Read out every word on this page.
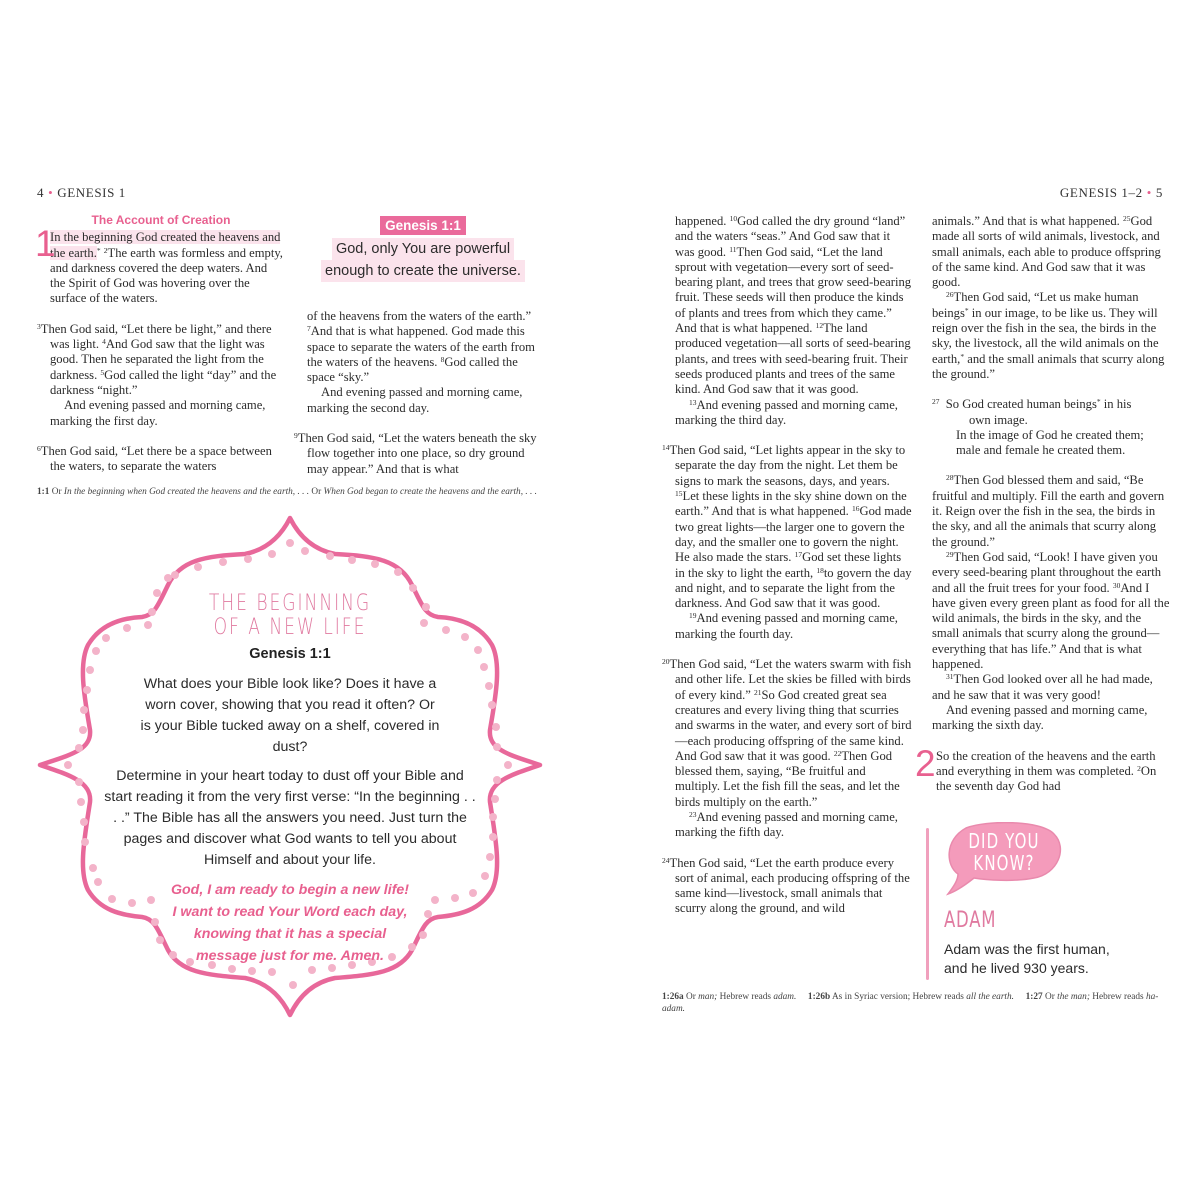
4 • GENESIS 1
The Account of Creation
1

In the beginning God created the heavens and the earth.* $^2$The earth was formless and empty, and darkness covered the deep waters. And the Spirit of God was hovering over the surface of the waters.

$^3$Then God said, “Let there be light,” and there was light. $^4$And God saw that the light was good. Then he separated the light from the darkness. $^5$God called the light “day” and the darkness “night.”

And evening passed and morning came, marking the first day.

$^6$Then God said, “Let there be a space between the waters, to separate the waters

Genesis 1:1
God, only You are powerful
enough to create the universe.

of the heavens from the waters of the earth.” $^7$And that is what happened. God made this space to separate the waters of the earth from the waters of the heavens. $^8$God called the space “sky.”

And evening passed and morning came, marking the second day.

$^9$Then God said, “Let the waters beneath the sky flow together into one place, so dry ground may appear.” And that is what

1:1 Or In the beginning when God created the heavens and the earth, . . . Or When God began to create the heavens and the earth, . . .
THE BEGINNING
OF A NEW LIFE
Genesis 1:1
What does your Bible look like? Does it have a worn cover, showing that you read it often? Or is your Bible tucked away on a shelf, covered in dust?
Determine in your heart today to dust off your Bible and start reading it from the very first verse: “In the beginning . . . .” The Bible has all the answers you need. Just turn the pages and discover what God wants to tell you about Himself and about your life.
God, I am ready to begin a new life! I want to read Your Word each day, knowing that it has a special message just for me. Amen.
GENESIS 1–2 • 5

happened. $^{10}$God called the dry ground “land” and the waters “seas.” And God saw that it was good. $^{11}$Then God said, “Let the land sprout with vegetation—every sort of seed-bearing plant, and trees that grow seed-bearing fruit. These seeds will then produce the kinds of plants and trees from which they came.” And that is what happened. $^{12}$The land produced vegetation—all sorts of seed-bearing plants, and trees with seed-bearing fruit. Their seeds produced plants and trees of the same kind. And God saw that it was good.

$^{13}$And evening passed and morning came, marking the third day.

$^{14}$Then God said, “Let lights appear in the sky to separate the day from the night. Let them be signs to mark the seasons, days, and years. $^{15}$Let these lights in the sky shine down on the earth.” And that is what happened. $^{16}$God made two great lights—the larger one to govern the day, and the smaller one to govern the night. He also made the stars. $^{17}$God set these lights in the sky to light the earth, $^{18}$to govern the day and night, and to separate the light from the darkness. And God saw that it was good.

$^{19}$And evening passed and morning came, marking the fourth day.

$^{20}$Then God said, “Let the waters swarm with fish and other life. Let the skies be filled with birds of every kind.” $^{21}$So God created great sea creatures and every living thing that scurries and swarms in the water, and every sort of bird—each producing offspring of the same kind. And God saw that it was good. $^{22}$Then God blessed them, saying, “Be fruitful and multiply. Let the fish fill the seas, and let the birds multiply on the earth.”

$^{23}$And evening passed and morning came, marking the fifth day.

$^{24}$Then God said, “Let the earth produce every sort of animal, each producing offspring of the same kind—livestock, small animals that scurry along the ground, and wild

animals.” And that is what happened. $^{25}$God made all sorts of wild animals, livestock, and small animals, each able to produce offspring of the same kind. And God saw that it was good.

$^{26}$Then God said, “Let us make human beings* in our image, to be like us. They will reign over the fish in the sea, the birds in the sky, the livestock, all the wild animals on the earth,* and the small animals that scurry along the ground.”

$^{27}$ So God created human beings* in his

own image.

In the image of God he created them;

male and female he created them.

$^{28}$Then God blessed them and said, “Be fruitful and multiply. Fill the earth and govern it. Reign over the fish in the sea, the birds in the sky, and all the animals that scurry along the ground.”

$^{29}$Then God said, “Look! I have given you every seed-bearing plant throughout the earth and all the fruit trees for your food. $^{30}$And I have given every green plant as food for all the wild animals, the birds in the sky, and the small animals that scurry along the ground—everything that has life.” And that is what happened.

$^{31}$Then God looked over all he had made, and he saw that it was very good!

And evening passed and morning came, marking the sixth day.

2 So the creation of the heavens and the earth and everything in them was completed. $^2$On the seventh day God had

DID YOU
KNOW?
ADAM
Adam was the first human, and he lived 930 years.
1:26a Or man; Hebrew reads adam. 1:26b As in Syriac version; Hebrew reads all the earth. 1:27 Or the man; Hebrew reads ha-adam.
